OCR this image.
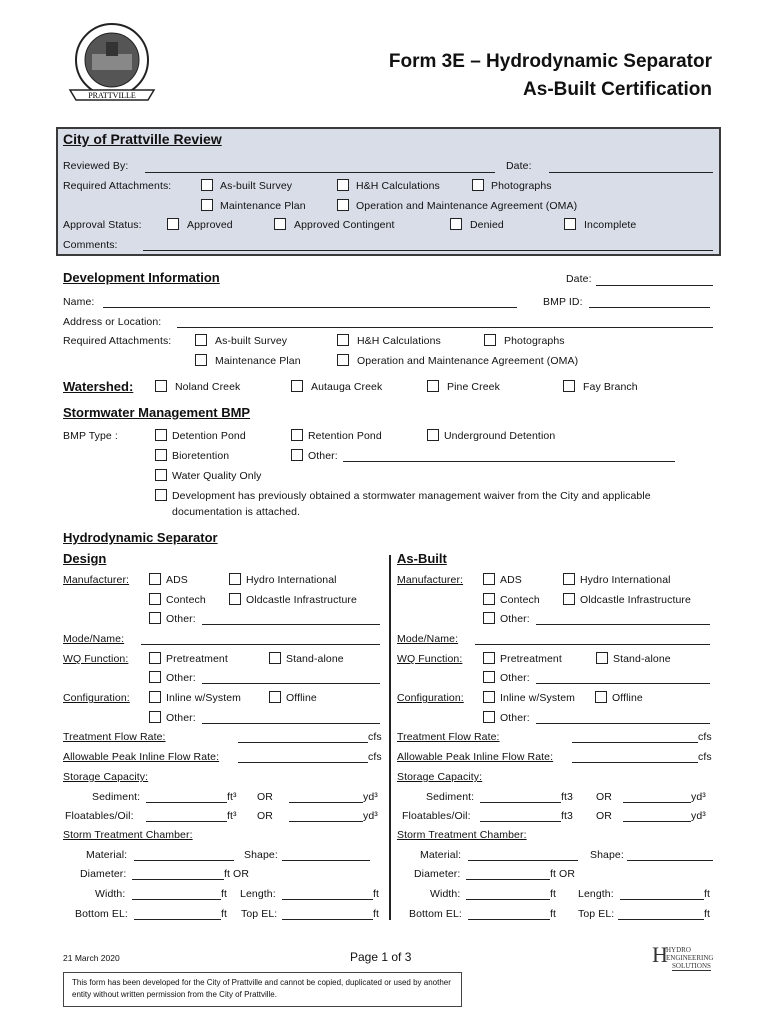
PRATTVILLE
Form 3E – Hydrodynamic Separator
As-Built Certification
City of Prattville Review
Reviewed By:	Date:
Required Attachments:	As-built Survey	H&H Calculations	Photographs
Maintenance Plan	Operation and Maintenance Agreement (OMA)
Approval Status:	Approved	Approved Contingent	Denied	Incomplete
Comments:
Development Information	Date:
Name:	BMP ID:
Address or Location:
Required Attachments:	As-built Survey	H&H Calculations	Photographs
Maintenance Plan	Operation and Maintenance Agreement (OMA)
Watershed:	Noland Creek	Autauga Creek	Pine Creek	Fay Branch
Stormwater Management BMP
BMP Type :	Detention Pond	Retention Pond	Underground Detention
Bioretention	Other:
Water Quality Only
Development has previously obtained a stormwater management waiver from the City and applicable
documentation is attached.
Hydrodynamic Separator
Design	As-Built
Manufacturer:	ADS	Hydro International
Contech	Oldcastle Infrastructure
Other:
Mode/Name:
WQ Function:	Pretreatment	Stand-alone
Other:
Configuration:	Inline w/System	Offline
Other:
Treatment Flow Rate:	cfs
Allowable Peak Inline Flow Rate:	cfs
Storage Capacity:
Sediment:	ft³ OR	yd³
Floatables/Oil:	ft³ OR	yd³
Storm Treatment Chamber:
Material:	Shape:
Diameter:	ft OR
Width:	ft Length:	ft
Bottom EL:	ft Top EL:	ft
Manufacturer:	ADS	Hydro International
Contech	Oldcastle Infrastructure
Other:
Mode/Name:
WQ Function:	Pretreatment	Stand-alone
Other:
Configuration:	Inline w/System	Offline
Other:
Treatment Flow Rate:	cfs
Allowable Peak Inline Flow Rate:	cfs
Storage Capacity:
Sediment:	ft3 OR	yd³
Floatables/Oil:	ft3 OR	yd³
Storm Treatment Chamber:
Material:	Shape:
Diameter:	ft OR
Width:	ft Length:	ft
Bottom EL:	ft Top EL:	ft
21 March 2020	Page 1 of 3
This form has been developed for the City of Prattville and cannot be copied, duplicated or used by another entity without written permission from the City of Prattville.
H
HYDRO
ENGINEERING
SOLUTIONS
